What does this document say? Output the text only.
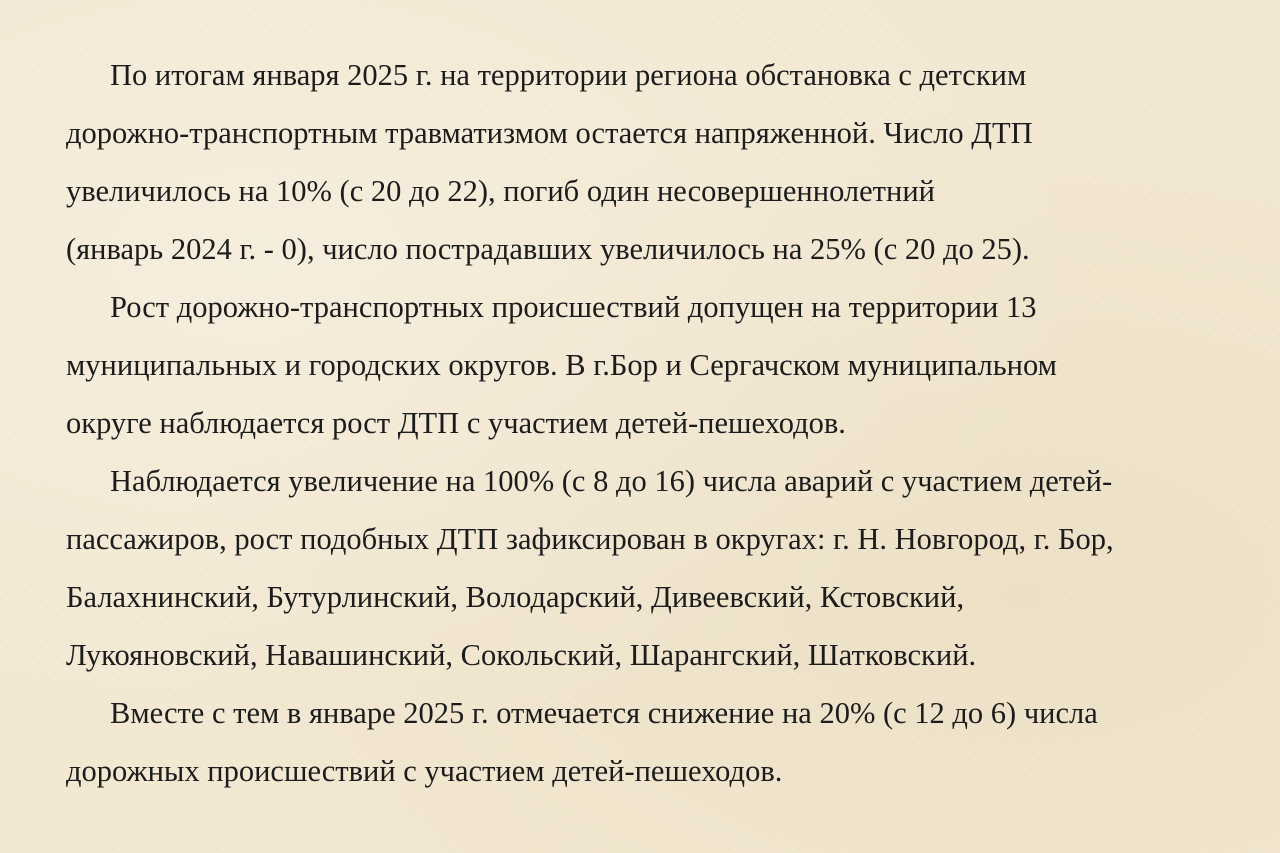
По итогам января 2025 г. на территории региона обстановка с детским
дорожно-транспортным травматизмом остается напряженной. Число ДТП
увеличилось на 10% (с 20 до 22), погиб один несовершеннолетний
(январь 2024 г. - 0), число пострадавших увеличилось на 25% (с 20 до 25).

Рост дорожно-транспортных происшествий допущен на территории 13
муниципальных и городских округов. В г.Бор и Сергачском муниципальном
округе наблюдается рост ДТП с участием детей-пешеходов.

Наблюдается увеличение на 100% (с 8 до 16) числа аварий с участием детей-
пассажиров, рост подобных ДТП зафиксирован в округах: г. Н. Новгород, г. Бор,
Балахнинский, Бутурлинский, Володарский, Дивеевский, Кстовский,
Лукояновский, Навашинский, Сокольский, Шарангский, Шатковский.

Вместе с тем в январе 2025 г. отмечается снижение на 20% (с 12 до 6) числа
дорожных происшествий с участием детей-пешеходов.
